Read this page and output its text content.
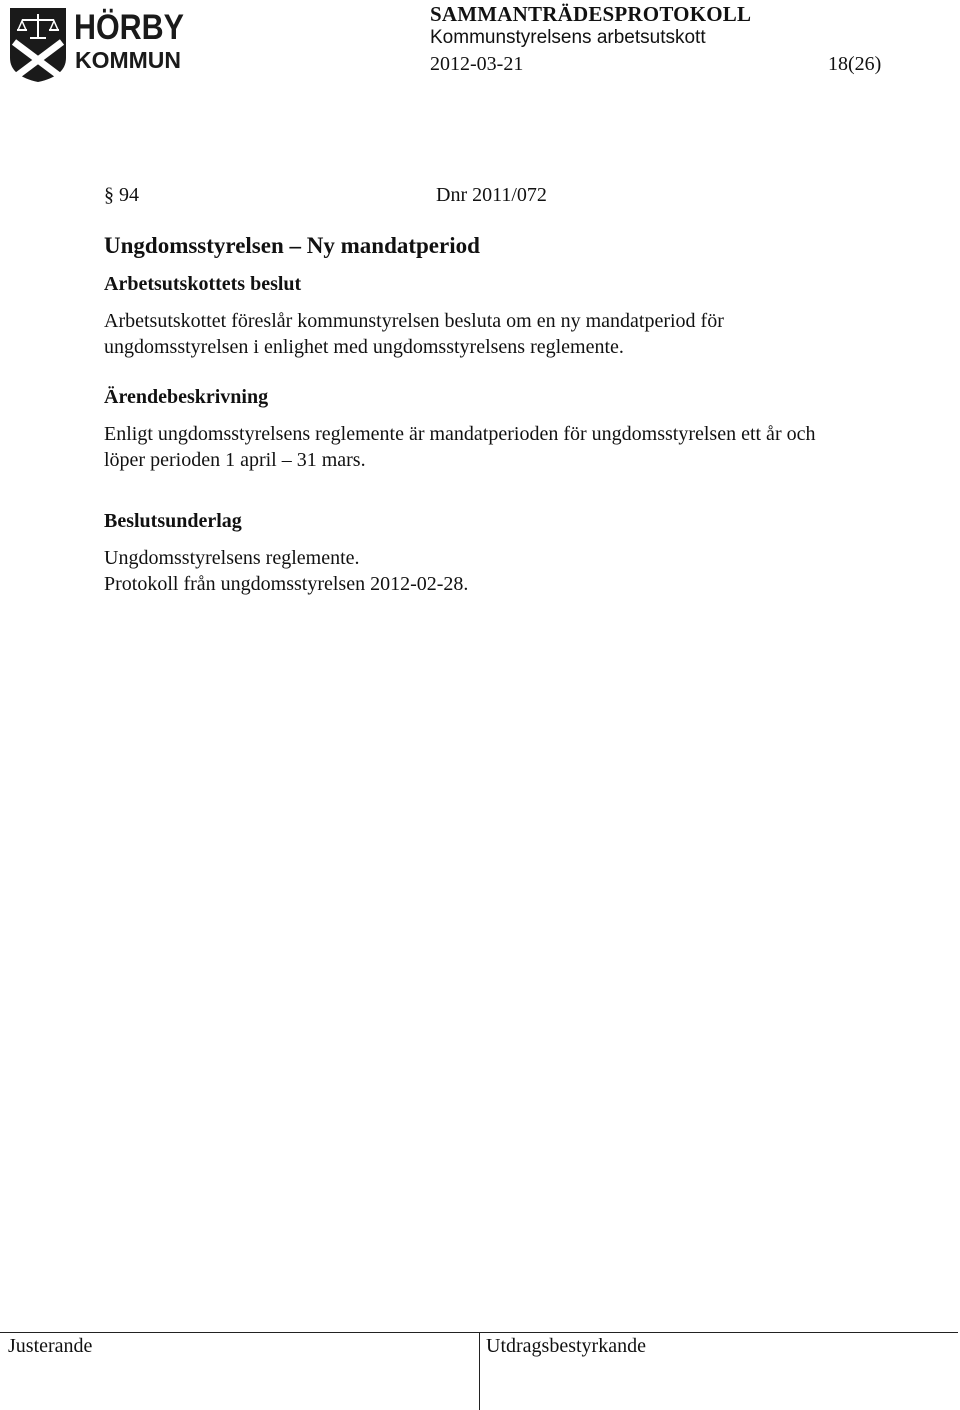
HÖRBY
KOMMUN
SAMMANTRÄDESPROTOKOLL
Kommunstyrelsens arbetsutskott
2012-03-21	18(26)
§ 94	Dnr 2011/072
Ungdomsstyrelsen – Ny mandatperiod
Arbetsutskottets beslut
Arbetsutskottet föreslår kommunstyrelsen besluta om en ny mandatperiod för
ungdomsstyrelsen i enlighet med ungdomsstyrelsens reglemente.
Ärendebeskrivning
Enligt ungdomsstyrelsens reglemente är mandatperioden för ungdomsstyrelsen ett år och
löper perioden 1 april – 31 mars.
Beslutsunderlag
Ungdomsstyrelsens reglemente.
Protokoll från ungdomsstyrelsen 2012-02-28.
Justerande	Utdragsbestyrkande
